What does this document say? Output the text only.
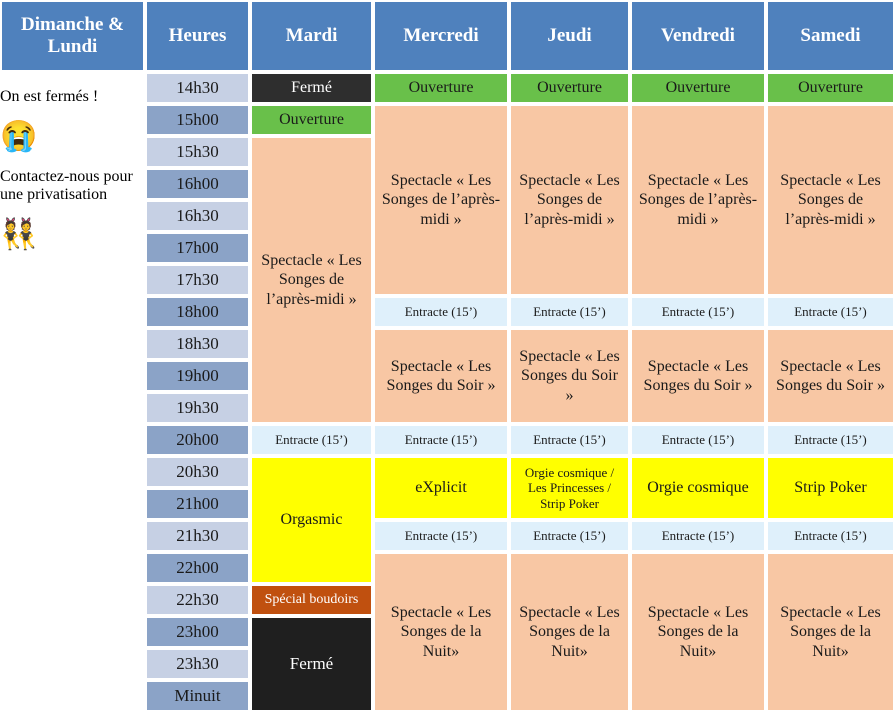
Dimanche & Lundi

On est fermés !

😭

Contactez-nous pour une privatisation

👯
Heures
14h30
15h00
15h30
16h00
16h30
17h00
17h30
18h00
18h30
19h00
19h30
20h00
20h30
21h00
21h30
22h00
22h30
23h00
23h30
Minuit
Mardi
Fermé
Ouverture
Spectacle « Les Songes de l’après-midi »
Entracte (15’)
Orgasmic
Spécial boudoirs
Fermé
Mercredi
Ouverture
Spectacle « Les Songes de l’après-midi »
Entracte (15’)
Spectacle « Les Songes du Soir »
Entracte (15’)
eXplicit
Entracte (15’)
Spectacle « Les Songes de la Nuit»
Jeudi
Ouverture
Spectacle « Les Songes de l’après-midi »
Entracte (15’)
Spectacle « Les Songes du Soir »
Entracte (15’)
Orgie cosmique / Les Princesses / Strip Poker
Entracte (15’)
Spectacle « Les Songes de la Nuit»
Vendredi
Ouverture
Spectacle « Les Songes de l’après-midi »
Entracte (15’)
Spectacle « Les Songes du Soir »
Entracte (15’)
Orgie cosmique
Entracte (15’)
Spectacle « Les Songes de la Nuit»
Samedi
Ouverture
Spectacle « Les Songes de l’après-midi »
Entracte (15’)
Spectacle « Les Songes du Soir »
Entracte (15’)
Strip Poker
Entracte (15’)
Spectacle « Les Songes de la Nuit»
